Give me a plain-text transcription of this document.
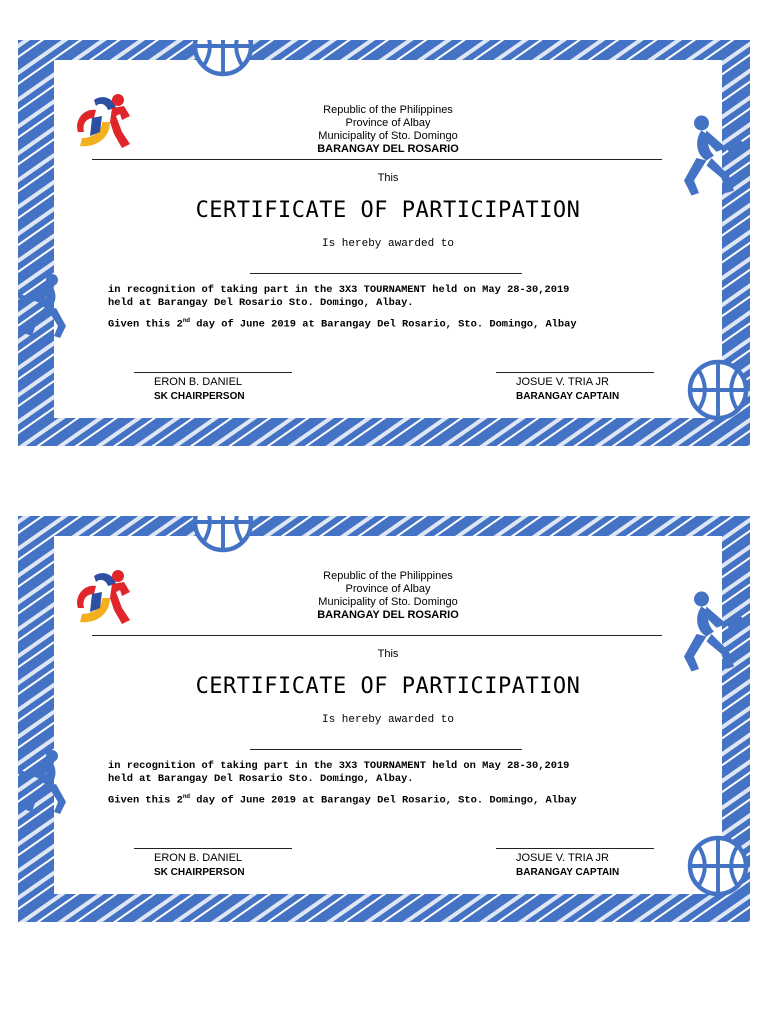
Republic of the Philippines

Province of Albay

Municipality of Sto. Domingo

BARANGAY DEL ROSARIO

This

CERTIFICATE OF PARTICIPATION

Is hereby awarded to

in recognition of taking part in the 3X3 TOURNAMENT held on May 28-30,2019

held at Barangay Del Rosario Sto. Domingo, Albay.

Given this 2nd day of June 2019 at Barangay Del Rosario, Sto. Domingo, Albay

ERON B. DANIEL

SK CHAIRPERSON

JOSUE V. TRIA JR

BARANGAY CAPTAIN

Republic of the Philippines

Province of Albay

Municipality of Sto. Domingo

BARANGAY DEL ROSARIO

This

CERTIFICATE OF PARTICIPATION

Is hereby awarded to

in recognition of taking part in the 3X3 TOURNAMENT held on May 28-30,2019

held at Barangay Del Rosario Sto. Domingo, Albay.

Given this 2nd day of June 2019 at Barangay Del Rosario, Sto. Domingo, Albay

ERON B. DANIEL

SK CHAIRPERSON

JOSUE V. TRIA JR

BARANGAY CAPTAIN
